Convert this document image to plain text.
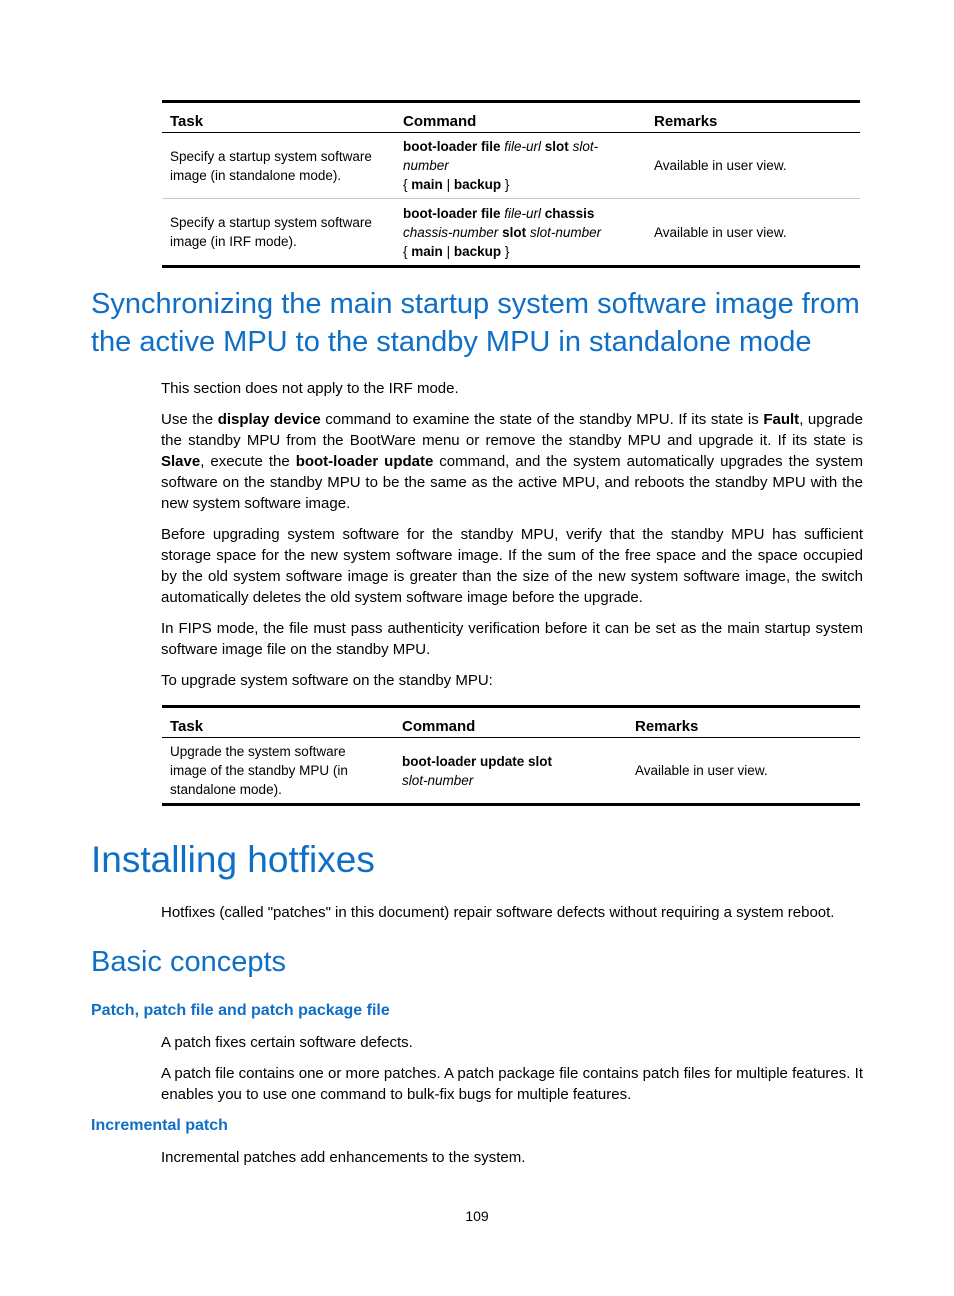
Task	Command	Remarks
Specify a startup system software image (in standalone mode).	boot-loader file file-url slot slot-number
{ main | backup }	Available in user view.
Specify a startup system software image (in IRF mode).	boot-loader file file-url chassis
chassis-number slot slot-number
{ main | backup }	Available in user view.
Synchronizing the main startup system software image from the active MPU to the standby MPU in standalone mode

This section does not apply to the IRF mode.

Use the display device command to examine the state of the standby MPU. If its state is Fault, upgrade the standby MPU from the BootWare menu or remove the standby MPU and upgrade it. If its state is Slave, execute the boot-loader update command, and the system automatically upgrades the system software on the standby MPU to be the same as the active MPU, and reboots the standby MPU with the new system software image.

Before upgrading system software for the standby MPU, verify that the standby MPU has sufficient storage space for the new system software image. If the sum of the free space and the space occupied by the old system software image is greater than the size of the new system software image, the switch automatically deletes the old system software image before the upgrade.

In FIPS mode, the file must pass authenticity verification before it can be set as the main startup system software image file on the standby MPU.

To upgrade system software on the standby MPU:

Task	Command	Remarks
Upgrade the system software image of the standby MPU (in standalone mode).	boot-loader update slot
slot-number	Available in user view.
Installing hotfixes

Hotfixes (called "patches" in this document) repair software defects without requiring a system reboot.

Basic concepts
Patch, patch file and patch package file

A patch fixes certain software defects.

A patch file contains one or more patches. A patch package file contains patch files for multiple features. It enables you to use one command to bulk-fix bugs for multiple features.

Incremental patch

Incremental patches add enhancements to the system.

109
